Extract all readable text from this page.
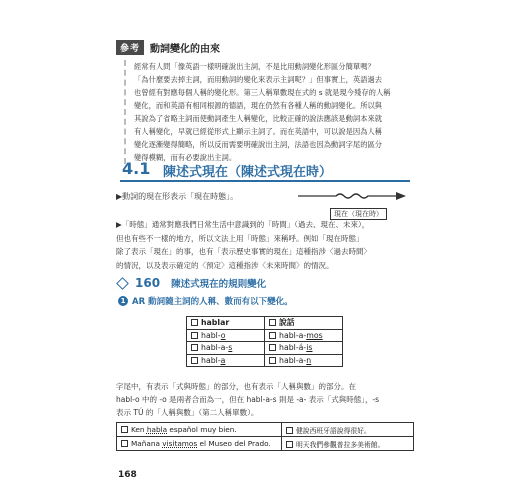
參考	動詞變化的由來
經常有人問「像英語一樣明確說出主詞，不是比用動詞變化形區分簡單嗎？
「為什麼要去掉主詞，而用動詞的變化來表示主詞呢？」但事實上，英語過去
也曾經有對應每個人稱的變化形。第三人稱單數現在式的 s 就是現今殘存的人稱
變化，而和英語有相同根源的德語，現在仍然有各種人稱的動詞變化。所以與
其說為了省略主詞而使動詞產生人稱變化，比較正確的說法應該是動詞本來就
有人稱變化，早就已經從形式上顯示主詞了。而在英語中，可以說是因為人稱
變化逐漸變得簡略，所以反而需要明確說出主詞，法語也因為動詞字尾的區分
變得模糊，而有必要說出主詞。
4.1 陳述式現在（陳述式現在時）
▶動詞的現在形表示「現在時態」。
現在（現在時）
▶「時態」通常對應我們日常生活中意識到的「時間」（過去、現在、未來），
但也有些不一樣的地方，所以文法上用「時態」來稱呼。例如「現在時態」
除了表示「現在」的事，也有「表示歷史事實的現在」這種指涉〈過去時間〉
的情況，以及表示確定的〈預定〉這種指涉〈未來時間〉的情況。
160 陳述式現在的規則變化
1 AR 動詞隨主詞的人稱、數而有以下變化。
hablar	說話
habl-o	habl-a-mos
habl-a-s	habl-á-is
habl-a	habl-a-n
字尾中，有表示「式與時態」的部分，也有表示「人稱與數」的部分。在
habl-o 中的 -o 是兩者合而為一，但在 habl-a-s 則是 -a- 表示「式與時態」，-s
表示 TÚ 的「人稱與數」（第二人稱單數）。
Ken habla español muy bien.	健說西班牙語說得很好。
Mañana visitamos el Museo del Prado.	明天我們參觀普拉多美術館。
168
